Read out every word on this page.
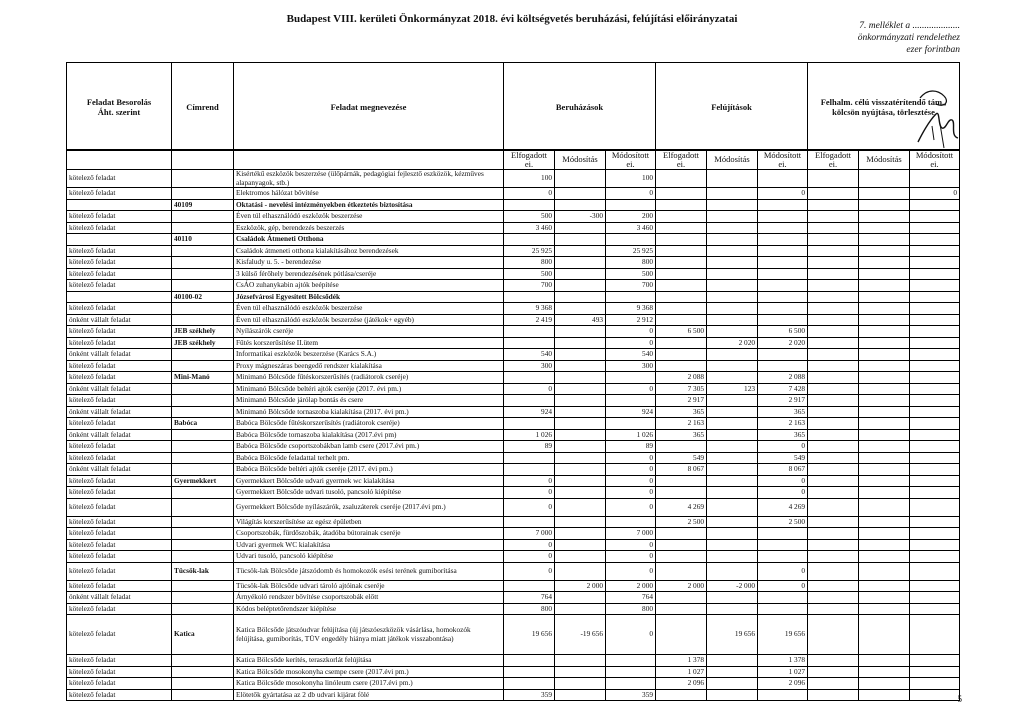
Budapest VIII. kerületi Önkormányzat 2018. évi költségvetés beruházási, felújítási előirányzatai
7. melléklet a ....................
önkormányzati rendelethez
ezer forintban
Feladat Besorolás
Áht. szerint	Címrend	Feladat megnevezése	Beruházások	Felújítások	Felhalm. célú visszatérítendő tám., kölcsön nyújtása, törlesztése
			Elfogadott ei.	Módosítás	Módosított ei.	Elfogadott ei.	Módosítás	Módosított ei.	Elfogadott ei.	Módosítás	Módosított ei.
kötelező feladat		Kisértékű eszközök beszerzése (ülőpárnák, pedagógiai fejlesztő eszközök, kézműves alapanyagok, stb.)	100		100						
kötelező feladat		Elektromos hálózat bővítése	0		0			0			0
	40109	Oktatási - nevelési intézményekben étkeztetés biztosítása									
kötelező feladat		Éven túl elhasználódó eszközök beszerzése	500	-300	200						
kötelező feladat		Eszközök, gép, berendezés beszerzés	3 460		3 460						
	40110	Családok Átmeneti Otthona									
kötelező feladat		Családok átmeneti otthona kialakításához berendezések	25 925		25 925						
kötelező feladat		Kisfaludy u. 5. - berendezése	800		800						
kötelező feladat		3 külső férőhely berendezésének pótlása/cseréje	500		500						
kötelező feladat		CsÁO zuhanykabin ajtók beépítése	700		700						
	40100-02	Józsefvárosi Egyesített Bölcsődék									
kötelező feladat		Éven túl elhasználódó eszközök beszerzése	9 368		9 368						
önként vállalt feladat		Éven túl elhasználódó eszközök beszerzése (játékok+ egyéb)	2 419	493	2 912						
kötelező feladat	JEB székhely	Nyílászárók cseréje			0	6 500		6 500			
kötelező feladat	JEB székhely	Fűtés korszerűsítése II.ütem			0		2 020	2 020			
önként vállalt feladat		Informatikai eszközök beszerzése (Karács S.A.)	540		540						
kötelező feladat		Proxy mágneszáras beengedő rendszer kialakítása	300		300						
kötelező feladat	Mini-Manó	Minimanó Bölcsőde fűtéskorszerűsítés (radiátorok cseréje)				2 088		2 088			
önként vállalt feladat		Minimanó Bölcsőde beltéri ajtók cseréje (2017. évi pm.)	0		0	7 305	123	7 428			
kötelező feladat		Minimanó Bölcsőde járólap bontás és csere				2 917		2 917			
önként vállalt feladat		Minimanó Bölcsőde tornaszoba kialakítása (2017. évi pm.)	924		924	365		365			
kötelező feladat	Babóca	Babóca Bölcsőde fűtéskorszerűsítés (radiátorok cseréje)				2 163		2 163			
önként vállalt feladat		Babóca Bölcsőde tornaszoba kialakítása (2017.évi pm)	1 026		1 026	365		365			
kötelező feladat		Babóca Bölcsőde csoportszobákban lamb csere (2017.évi pm.)	89		89			0			
kötelező feladat		Babóca Bölcsőde feladattal terhelt pm.			0	549		549			
önként vállalt feladat		Babóca Bölcsőde beltéri ajtók cseréje (2017. évi pm.)			0	8 067		8 067			
kötelező feladat	Gyermekkert	Gyermekkert Bölcsőde udvari gyermek wc kialakítása	0		0			0			
kötelező feladat		Gyermekkert Bölcsőde udvari tusoló, pancsoló kiépítése	0		0			0			
kötelező feladat		Gyermekkert Bölcsőde nyílászárók, zsaluzáterek cseréje (2017.évi pm.)	0		0	4 269		4 269			
kötelező feladat		Világítás korszerűsítése az egész épületben				2 500		2 500			
kötelező feladat		Csoportszobák, fürdőszobák, átadóba bútorainak cseréje	7 000		7 000						
kötelező feladat		Udvari gyermek WC kialakítása	0		0						
kötelező feladat		Udvari tusoló, pancsoló kiépítése	0		0						
kötelező feladat	Tücsök-lak	Tücsök-lak Bölcsőde játszódomb és homokozók esési terének gumiborítása	0		0			0			
kötelező feladat		Tücsök-lak Bölcsőde udvari tároló ajtóinak cseréje		2 000	2 000	2 000	-2 000	0			
önként vállalt feladat		Árnyékoló rendszer bővítése csoportszobák előtt	764		764						
kötelező feladat		Kódos beléptetőrendszer kiépítése	800		800						
kötelező feladat	Katica	Katica Bölcsőde játszóudvar felújítása (új játszóeszközök vásárlása, homokozók felújítása, gumiborítás, TÜV engedély hiánya miatt játékok visszabontása)	19 656	-19 656	0		19 656	19 656			
kötelező feladat		Katica Bölcsőde kerítés, teraszkorlát felújítása				1 378		1 378			
kötelező feladat		Katica Bölcsőde mosokonyha csempe csere (2017.évi pm.)				1 027		1 027			
kötelező feladat		Katica Bölcsőde mosokonyha linóleum csere (2017.évi pm.)				2 096		2 096			
kötelező feladat		Elötetők gyártatása az 2 db udvari kijárat fölé	359		359							5
